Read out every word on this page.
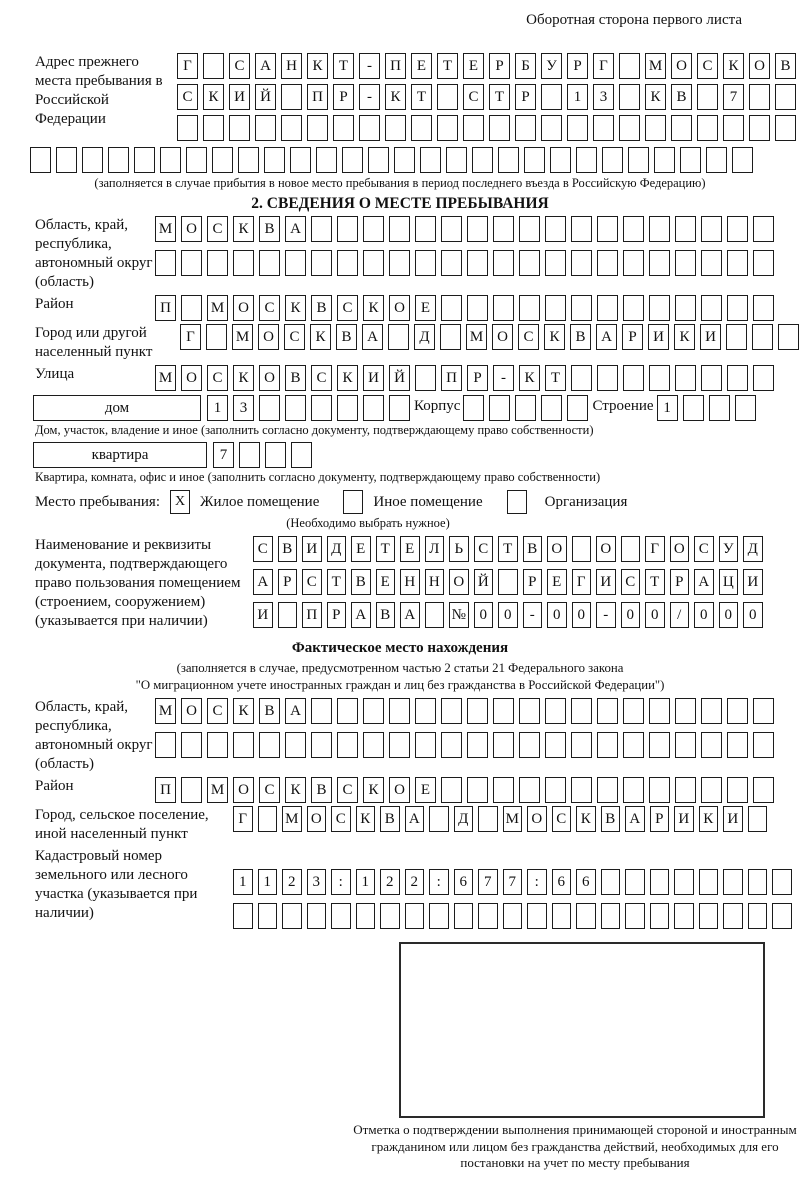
Оборотная сторона первого листа
Адрес прежнего места пребывания в Российской Федерации
Г	С	А	Н	К	Т	-	П	Е	Т	Е	Р	Б	У	Р	Г	М О	С	К	О	В
С	К	И	Й	П	Р	-	К	Т	С	Т	Р	1	3	К	В	7
(заполняется в случае прибытия в новое место пребывания в период последнего въезда в Российскую Федерацию)
2. СВЕДЕНИЯ О МЕСТЕ ПРЕБЫВАНИЯ
Область, край, республика, автономный округ (область)
М О	С	К	В	А
Район	П	М О	С	К	В	С	К	О	Е
Город или другой населенный пункт
Г	М О	С	К	В	А	Д	М О	С	К	В	А	Р	И	К	И
Улица	М О	С	К	О	В	С	К	И	Й	П	Р	-	К	Т
дом	1	3	Корпус	Строение 1
Дом, участок, владение и иное (заполнить согласно документу, подтверждающему право собственности)
квартира	7
Квартира, комната, офис и иное (заполнить согласно документу, подтверждающему право собственности)
Место пребывания:	X Жилое помещение	Иное помещение	Организация
(Необходимо выбрать нужное)
Наименование и реквизиты документа, подтверждающего право пользования помещением (строением, сооружением) (указывается при наличии)
С В И Д Е	Т	Е Л	Ь	С Т В О	О	Г О С У Д
А Р	С Т В Е Н Н О Й	Р	Е	Г И С Т	Р А Ц И
И	П Р А В А № 0	0	-	0	0	-	0	0	/	0	0	0
Фактическое место нахождения
(заполняется в случае, предусмотренном частью 2 статьи 21 Федерального закона
"О миграционном учете иностранных граждан и лиц без гражданства в Российской Федерации")
Область, край, республика, автономный округ (область)
М О	С	К	В	А
Район	П	М О	С	К	В	С	К	О	Е
Город, сельское поселение, иной населенный пункт
Г	М О С К В А	Д	М О С К В А Р И К И
Кадастровый номер земельного или лесного участка (указывается при наличии)
1	1	2	3	:	1	2	2	:	6	7	7	:	6	6
Отметка о подтверждении выполнения принимающей стороной и иностранным гражданином или лицом без гражданства действий, необходимых для его постановки на учет по месту пребывания
